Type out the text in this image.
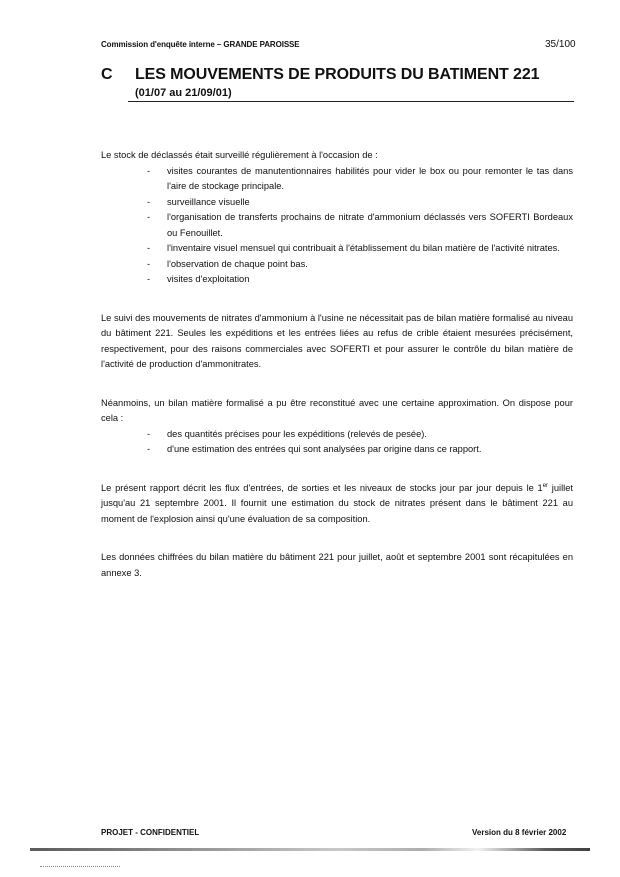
Commission d'enquête interne – GRANDE PAROISSE	35/100
C LES MOUVEMENTS DE PRODUITS DU BATIMENT 221
(01/07 au 21/09/01)

Le stock de déclassés était surveillé régulièrement à l'occasion de :

- visites courantes de manutentionnaires habilités pour vider le box ou pour remonter le tas dans l'aire de stockage principale.
- surveillance visuelle
- l'organisation de transferts prochains de nitrate d'ammonium déclassés vers SOFERTI Bordeaux ou Fenouillet.
- l'inventaire visuel mensuel qui contribuait à l'établissement du bilan matière de l'activité nitrates.
- l'observation de chaque point bas.
- visites d'exploitation

Le suivi des mouvements de nitrates d'ammonium à l'usine ne nécessitait pas de bilan matière formalisé au niveau du bâtiment 221. Seules les expéditions et les entrées liées au refus de crible étaient mesurées précisément, respectivement, pour des raisons commerciales avec SOFERTI et pour assurer le contrôle du bilan matière de l'activité de production d'ammonitrates.

Néanmoins, un bilan matière formalisé a pu être reconstitué avec une certaine approximation. On dispose pour cela :

- des quantités précises pour les expéditions (relevés de pesée).
- d'une estimation des entrées qui sont analysées par origine dans ce rapport.

Le présent rapport décrit les flux d'entrées, de sorties et les niveaux de stocks jour par jour depuis le 1er juillet jusqu'au 21 septembre 2001. Il fournit une estimation du stock de nitrates présent dans le bâtiment 221 au moment de l'explosion ainsi qu'une évaluation de sa composition.

Les données chiffrées du bilan matière du bâtiment 221 pour juillet, août et septembre 2001 sont récapitulées en annexe 3.

PROJET - CONFIDENTIEL	Version du 8 février 2002
